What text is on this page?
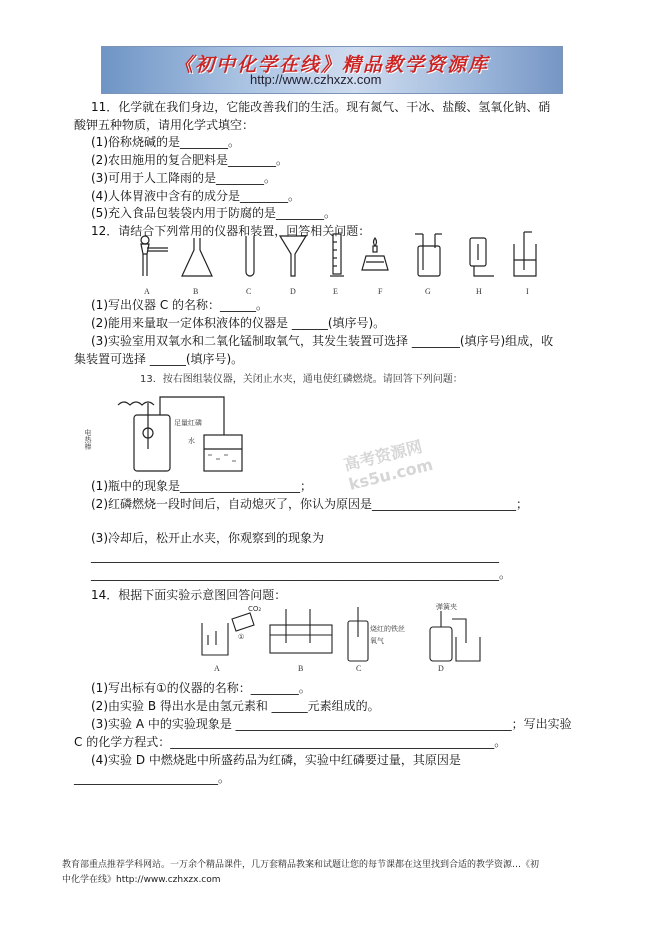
《初中化学在线》精品教学资源库
http://www.czhxzx.com
11．化学就在我们身边，它能改善我们的生活。现有氮气、干冰、盐酸、氢氧化钠、硝
酸钾五种物质，请用化学式填空：
(1)俗称烧碱的是________。
(2)农田施用的复合肥料是________。
(3)可用于人工降雨的是________。
(4)人体胃液中含有的成分是________。
(5)充入食品包装袋内用于防腐的是________。
12．请结合下列常用的仪器和装置，回答相关问题：
A	B	C	D	E	F	G	H	I
(1)写出仪器 C 的名称：______。
(2)能用来量取一定体积液体的仪器是 ______(填序号)。
(3)实验室用双氧水和二氧化锰制取氧气，其发生装置可选择 ________(填序号)组成，收
集装置可选择 ______(填序号)。
13．按右图组装仪器，关闭止水夹，通电使红磷燃烧。请回答下列问题：
电热棒
足量红磷
水	高考资源网 ks5u.com
(1)瓶中的现象是____________________；
(2)红磷燃烧一段时间后，自动熄灭了，你认为原因是________________________；
(3)冷却后，松开止水夹，你观察到的现象为
____________________________________________________________________
____________________________________________________________________。
14．根据下面实验示意图回答问题：
CO₂
①
烧红的铁丝
氧气
弹簧夹
A	B	C	D
(1)写出标有①的仪器的名称：________。
(2)由实验 B 得出水是由氢元素和 ______元素组成的。
(3)实验 A 中的实验现象是 ______________________________________________；写出实验
C 的化学方程式：______________________________________________________。
(4)实验 D 中燃烧匙中所盛药品为红磷，实验中红磷要过量，其原因是
________________________。
教育部重点推荐学科网站。一万余个精品课件，几万套精品教案和试题让您的每节课都在这里找到合适的教学资源…《初
中化学在线》http://www.czhxzx.com
